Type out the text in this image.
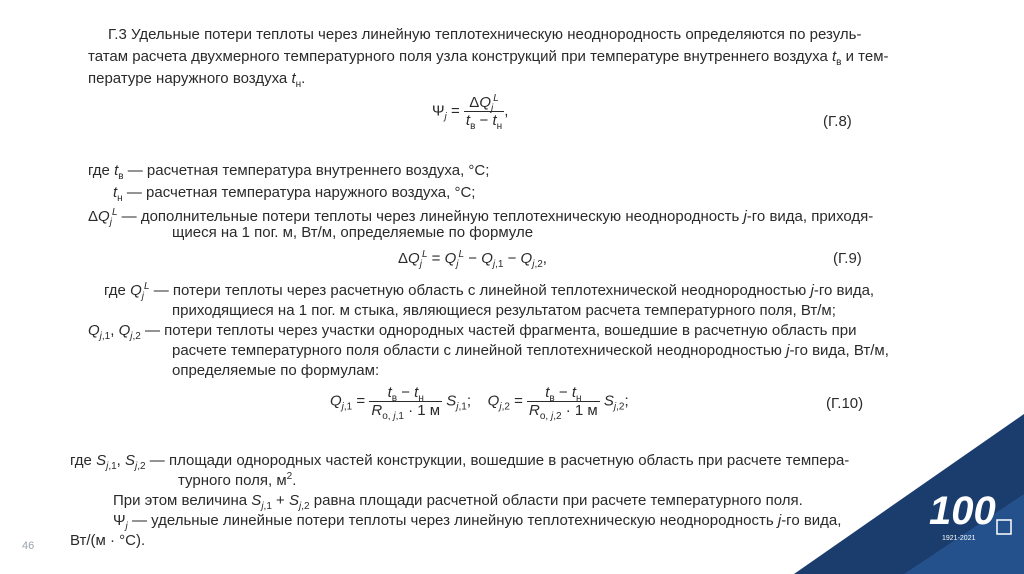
Г.3 Удельные потери теплоты через линейную теплотехническую неоднородность определяются по резуль-
татам расчета двухмерного температурного поля узла конструкций при температуре внутреннего воздуха $t_в$ и тем-
пературе наружного воздуха $t_н$.
$\Psi_j = \frac{\Delta Q_j^L}{t_в - t_н}$ ,
(Г.8)
где $t_в$ — расчетная температура внутреннего воздуха, °С;
$t_н$ — расчетная температура наружного воздуха, °С;
$\Delta Q_j^L$ — дополнительные потери теплоты через линейную теплотехническую неоднородность j-го вида, приходя-
щиеся на 1 пог. м, Вт/м, определяемые по формуле
$\Delta Q_j^L = Q_j^L - Q_{j,1} - Q_{j,2}$,	(Г.9)
где $Q_j^L$ — потери теплоты через расчетную область с линейной теплотехнической неоднородностью j-го вида,
приходящиеся на 1 пог. м стыка, являющиеся результатом расчета температурного поля, Вт/м;
$Q_{j,1}$, $Q_{j,2}$ — потери теплоты через участки однородных частей фрагмента, вошедшие в расчетную область при
расчете температурного поля области с линейной теплотехнической неоднородностью j-го вида, Вт/м,
определяемые по формулам:
$Q_{j,1} = \frac{t_в - t_н}{R_{о, j,1} \cdot 1 м} S_{j,1}$;    $Q_{j,2} = \frac{t_в - t_н}{R_{о, j,2} \cdot 1 м} S_{j,2}$;	(Г.10)
где $S_{j,1}$, $S_{j,2}$ — площади однородных частей конструкции, вошедшие в расчетную область при расчете темпера-
турного поля, $м^2$.
При этом величина $S_{j,1} + S_{j,2}$ равна площади расчетной области при расчете температурного поля.
$\Psi_j$ — удельные линейные потери теплоты через линейную теплотехническую неоднородность j-го вида,
Вт/(м · °С).
46
100
1921-2021
